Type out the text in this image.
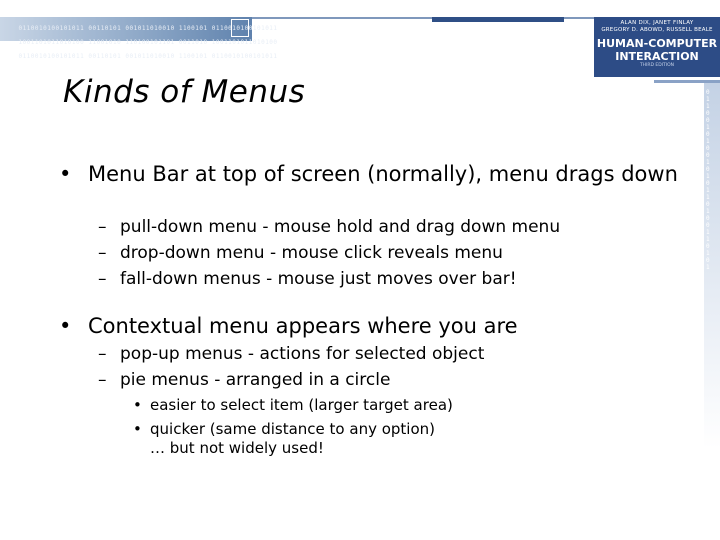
0110010100101011 00110101 001011010010 1100101 0110010100101011

1001101011010100 11001010 110100101101 0011010 1001101011010100

0110010100101011 00110101 001011010010 1100101 0110010100101011

ALAN DIX, JANET FINLAY
GREGORY D. ABOWD, RUSSELL BEALE
HUMAN-COMPUTER
INTERACTION
THIRD EDITION
0
1
1
0
0
1
0
1
0
0
1
0
1
0
1
1
0
1
0
0
1
1
0
1
0
1
Kinds of Menus
• Menu Bar at top of screen (normally), menu drags down
– pull-down menu - mouse hold and drag down menu
– drop-down menu - mouse click reveals menu
– fall-down menus - mouse just moves over bar!
• Contextual menu appears where you are
– pop-up menus - actions for selected object
– pie menus - arranged in a circle
• easier to select item (larger target area)
• quicker (same distance to any option)
… but not widely used!
